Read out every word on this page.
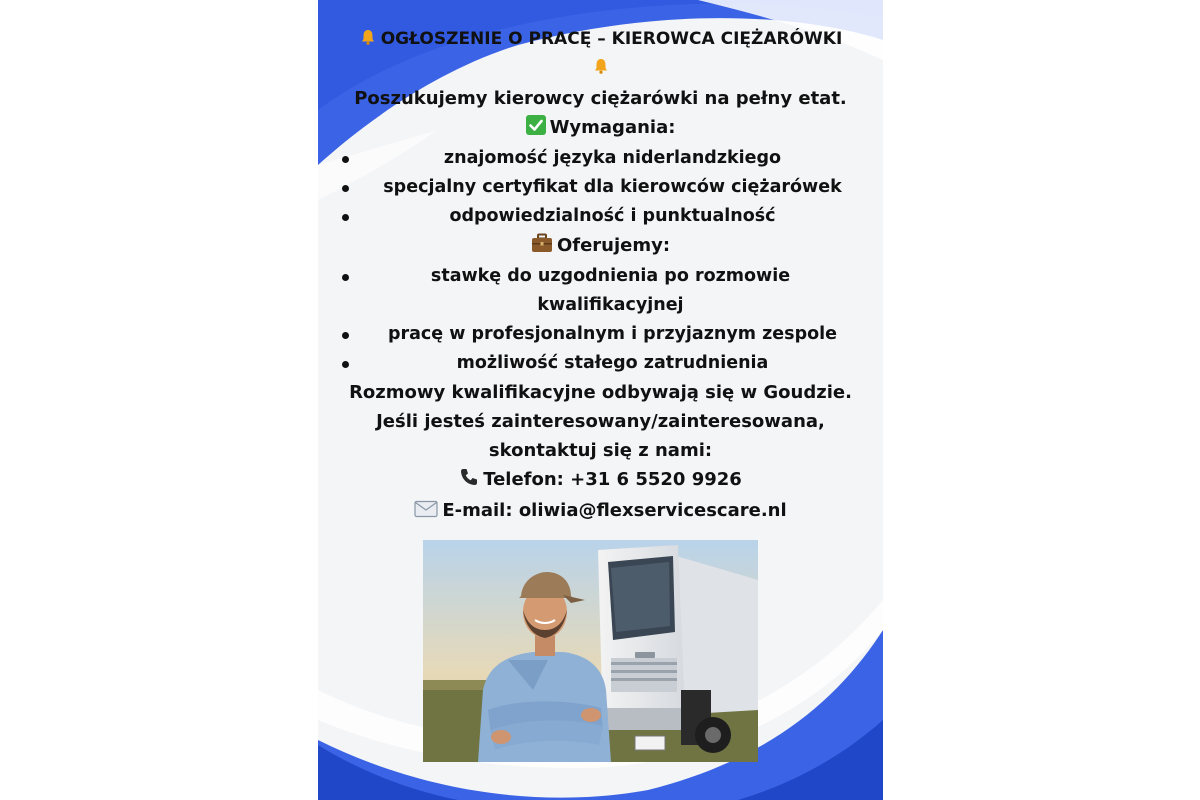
OGŁOSZENIE O PRACĘ – KIEROWCA CIĘŻARÓWKI
Poszukujemy kierowcy ciężarówki na pełny etat.
Wymagania:
znajomość języka niderlandzkiego
specjalny certyfikat dla kierowców ciężarówek
odpowiedzialność i punktualność
Oferujemy:
stawkę do uzgodnienia po rozmowie kwalifikacyjnej
pracę w profesjonalnym i przyjaznym zespole
możliwość stałego zatrudnienia
Rozmowy kwalifikacyjne odbywają się w Goudzie.
Jeśli jesteś zainteresowany/zainteresowana,
skontaktuj się z nami:
Telefon: +31 6 5520 9926
E-mail: oliwia@flexservicescare.nl
